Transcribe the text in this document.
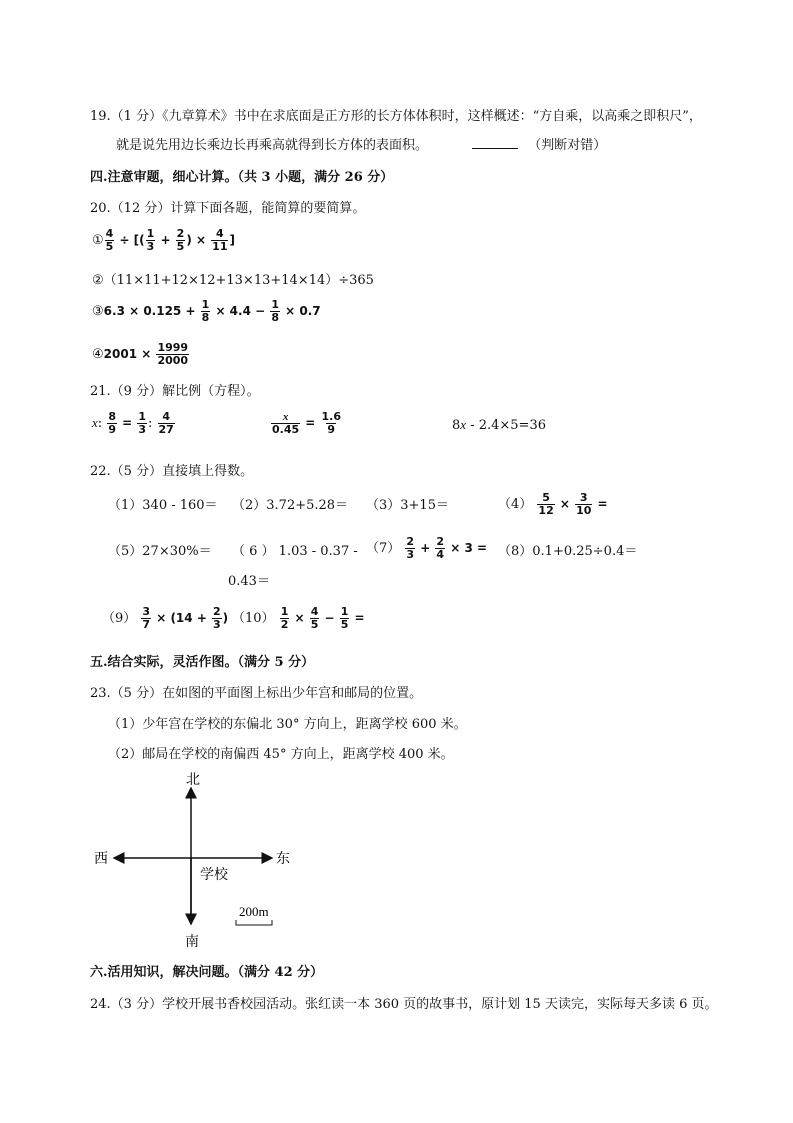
19.（1 分）《九章算术》书中在求底面是正方形的长方体体积时，这样概述：“方自乘，以高乘之即积尺”，
就是说先用边长乘边长再乘高就得到长方体的表面积。	（判断对错）
四.注意审题，细心计算。（共 3 小题，满分 26 分）
20.（12 分）计算下面各题，能简算的要简算。
① $\frac{4}{5}$ ÷ [( $\frac{1}{3} + \frac{2}{5}$ ) × $\frac{4}{11}$ ]
②（11×11+12×12+13×13+14×14）÷365
③6.3 × $0.125 + \frac{1}{8} \times 4.4 - \frac{1}{8} \times 0.7$
④2001 × $\frac{1999}{2000}$
21.（9 分）解比例（方程）。
x: $\frac{8}{9} = \frac{1}{3}$ : $\frac{4}{27}$	$\frac{x}{0.45} = \frac{1.6}{9}$	8x - 2.4×5=36
22.（5 分）直接填上得数。
（1）340 - 160＝ （2）3.72+5.28＝ （3）3+15＝	$(4) \frac{5}{12} \times \frac{3}{10}$ =
（5）27×30%＝ （ 6 ） 1.03 - 0.37 -
0.43＝
$(7) \frac{2}{3} + \frac{2}{4} \times 3 = (8)0.1+0.25\div 0.4=$
$(9) \frac{3}{7} \times (14 + \frac{2}{3}$ ) $(10) \frac{1}{2} \times \frac{4}{5} - \frac{1}{5}$ =
五.结合实际，灵活作图。（满分 5 分）
23.（5 分）在如图的平面图上标出少年宫和邮局的位置。
（1）少年宫在学校的东偏北 30° 方向上，距离学校 600 米。
（2）邮局在学校的南偏西 45° 方向上，距离学校 400 米。
北
南
西	东
学校
200m
六.活用知识，解决问题。（满分 42 分）
24.（3 分）学校开展书香校园活动。张红读一本 360 页的故事书，原计划 15 天读完，实际每天多读 6 页。
